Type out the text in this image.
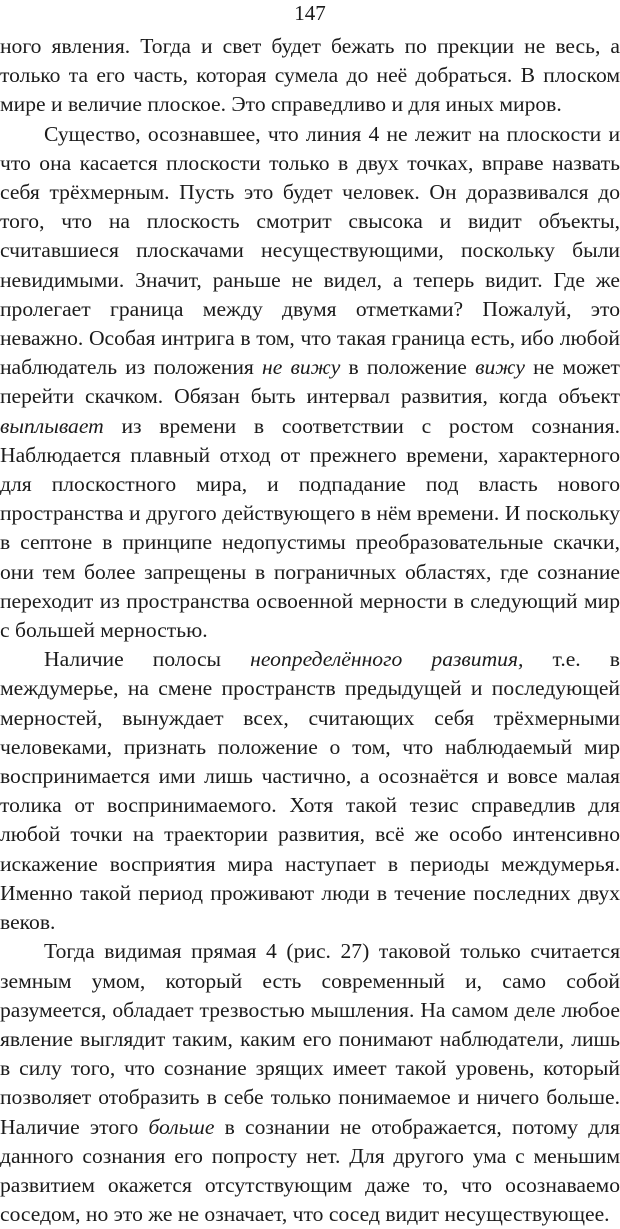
147

ного явления. Тогда и свет будет бежать по прекции не весь, а только та его часть, которая сумела до неё добраться. В плоском мире и величие плоское. Это справедливо и для иных миров.

Существо, осознавшее, что линия 4 не лежит на плоскости и что она касается плоскости только в двух точках, вправе назвать себя трёхмерным. Пусть это будет человек. Он доразвивался до того, что на плоскость смотрит свысока и видит объекты, считавшиеся плоскачами несуществующими, поскольку были невидимыми. Значит, раньше не видел, а теперь видит. Где же пролегает граница между двумя отметками? Пожалуй, это неважно. Особая интрига в том, что такая граница есть, ибо любой наблюдатель из положения не вижу в положение вижу не может перейти скачком. Обязан быть интервал развития, когда объект выплывает из времени в соответствии с ростом сознания. Наблюдается плавный отход от прежнего времени, характерного для плоскостного мира, и подпадание под власть нового пространства и другого действующего в нём времени. И поскольку в септоне в принципе недопустимы преобразовательные скачки, они тем более запрещены в пограничных областях, где сознание переходит из пространства освоенной мерности в следующий мир с большей мерностью.

Наличие полосы неопределённого развития, т.е. в междумерье, на смене пространств предыдущей и последующей мерностей, вынуждает всех, считающих себя трёхмерными человеками, признать положение о том, что наблюдаемый мир воспринимается ими лишь частично, а осознаётся и вовсе малая толика от воспринимаемого. Хотя такой тезис справедлив для любой точки на траектории развития, всё же особо интенсивно искажение восприятия мира наступает в периоды междумерья. Именно такой период проживают люди в течение последних двух веков.

Тогда видимая прямая 4 (рис. 27) таковой только считается земным умом, который есть современный и, само собой разумеется, обладает трезвостью мышления. На самом деле любое явление выглядит таким, каким его понимают наблюдатели, лишь в силу того, что сознание зрящих имеет такой уровень, который позволяет отобразить в себе только понимаемое и ничего больше. Наличие этого больше в сознании не отображается, потому для данного сознания его попросту нет. Для другого ума с меньшим развитием окажется отсутствующим даже то, что осознаваемо соседом, но это же не означает, что сосед видит несуществующее.
